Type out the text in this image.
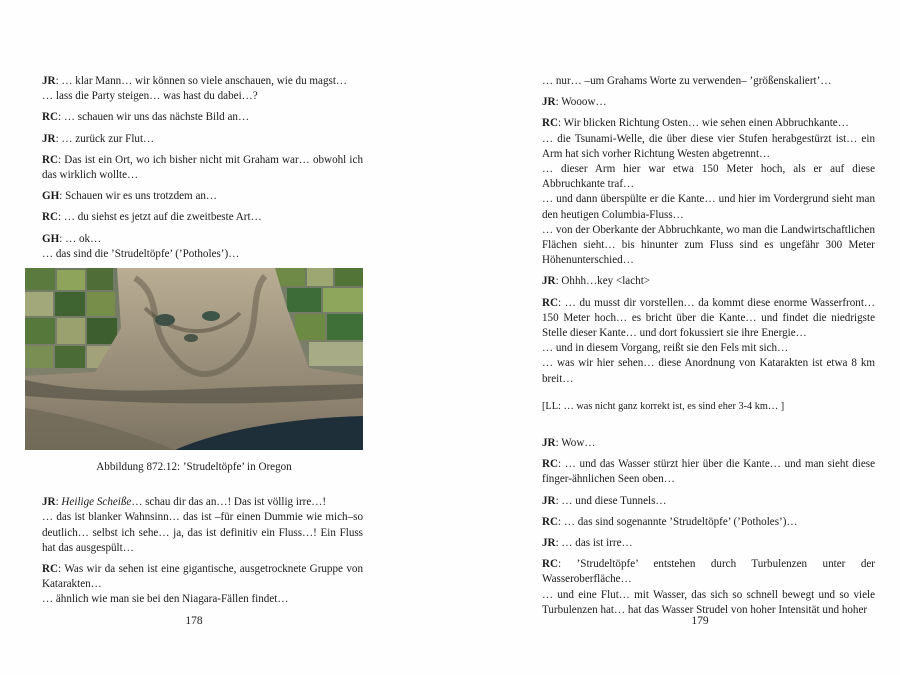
JR: … klar Mann… wir können so viele anschauen, wie du magst…
… lass die Party steigen… was hast du dabei…?
RC: … schauen wir uns das nächste Bild an…
JR: … zurück zur Flut…
RC: Das ist ein Ort, wo ich bisher nicht mit Graham war… obwohl ich das wirklich wollte…
GH: Schauen wir es uns trotzdem an…
RC: … du siehst es jetzt auf die zweitbeste Art…
GH: … ok…
… das sind die ’Strudeltöpfe’ (’Potholes’)…
Abbildung 872.12: ’Strudeltöpfe’ in Oregon
JR: Heilige Scheiße… schau dir das an…! Das ist völlig irre…!
… das ist blanker Wahnsinn… das ist –für einen Dummie wie mich–so deutlich… selbst ich sehe… ja, das ist definitiv ein Fluss…! Ein Fluss hat das ausgespült…
RC: Was wir da sehen ist eine gigantische, ausgetrocknete Gruppe von Katarakten…
… ähnlich wie man sie bei den Niagara-Fällen findet…
178
… nur… –um Grahams Worte zu verwenden– ’größenskaliert’…
JR: Wooow…
RC: Wir blicken Richtung Osten… wie sehen einen Abbruchkante…
… die Tsunami-Welle, die über diese vier Stufen herabgestürzt ist… ein Arm hat sich vorher Richtung Westen abgetrennt…
… dieser Arm hier war etwa 150 Meter hoch, als er auf diese Abbruchkante traf…
… und dann überspülte er die Kante… und hier im Vordergrund sieht man den heutigen Columbia-Fluss…
… von der Oberkante der Abbruchkante, wo man die Landwirtschaftlichen Flächen sieht… bis hinunter zum Fluss sind es ungefähr 300 Meter Höhenunterschied…
JR: Ohhh…key <lacht>
RC: … du musst dir vorstellen… da kommt diese enorme Wasserfront… 150 Meter hoch… es bricht über die Kante… und findet die niedrigste Stelle dieser Kante… und dort fokussiert sie ihre Energie…
… und in diesem Vorgang, reißt sie den Fels mit sich…
… was wir hier sehen… diese Anordnung von Katarakten ist etwa 8 km breit…
[LL: … was nicht ganz korrekt ist, es sind eher 3-4 km… ]
JR: Wow…
RC: … und das Wasser stürzt hier über die Kante… und man sieht diese finger-ähnlichen Seen oben…
JR: … und diese Tunnels…
RC: … das sind sogenannte ’Strudeltöpfe’ (’Potholes’)…
JR: … das ist irre…
RC: ’Strudeltöpfe’ entstehen durch Turbulenzen unter der Wasseroberfläche…
… und eine Flut… mit Wasser, das sich so schnell bewegt und so viele Turbulenzen hat… hat das Wasser Strudel von hoher Intensität und hoher
179
